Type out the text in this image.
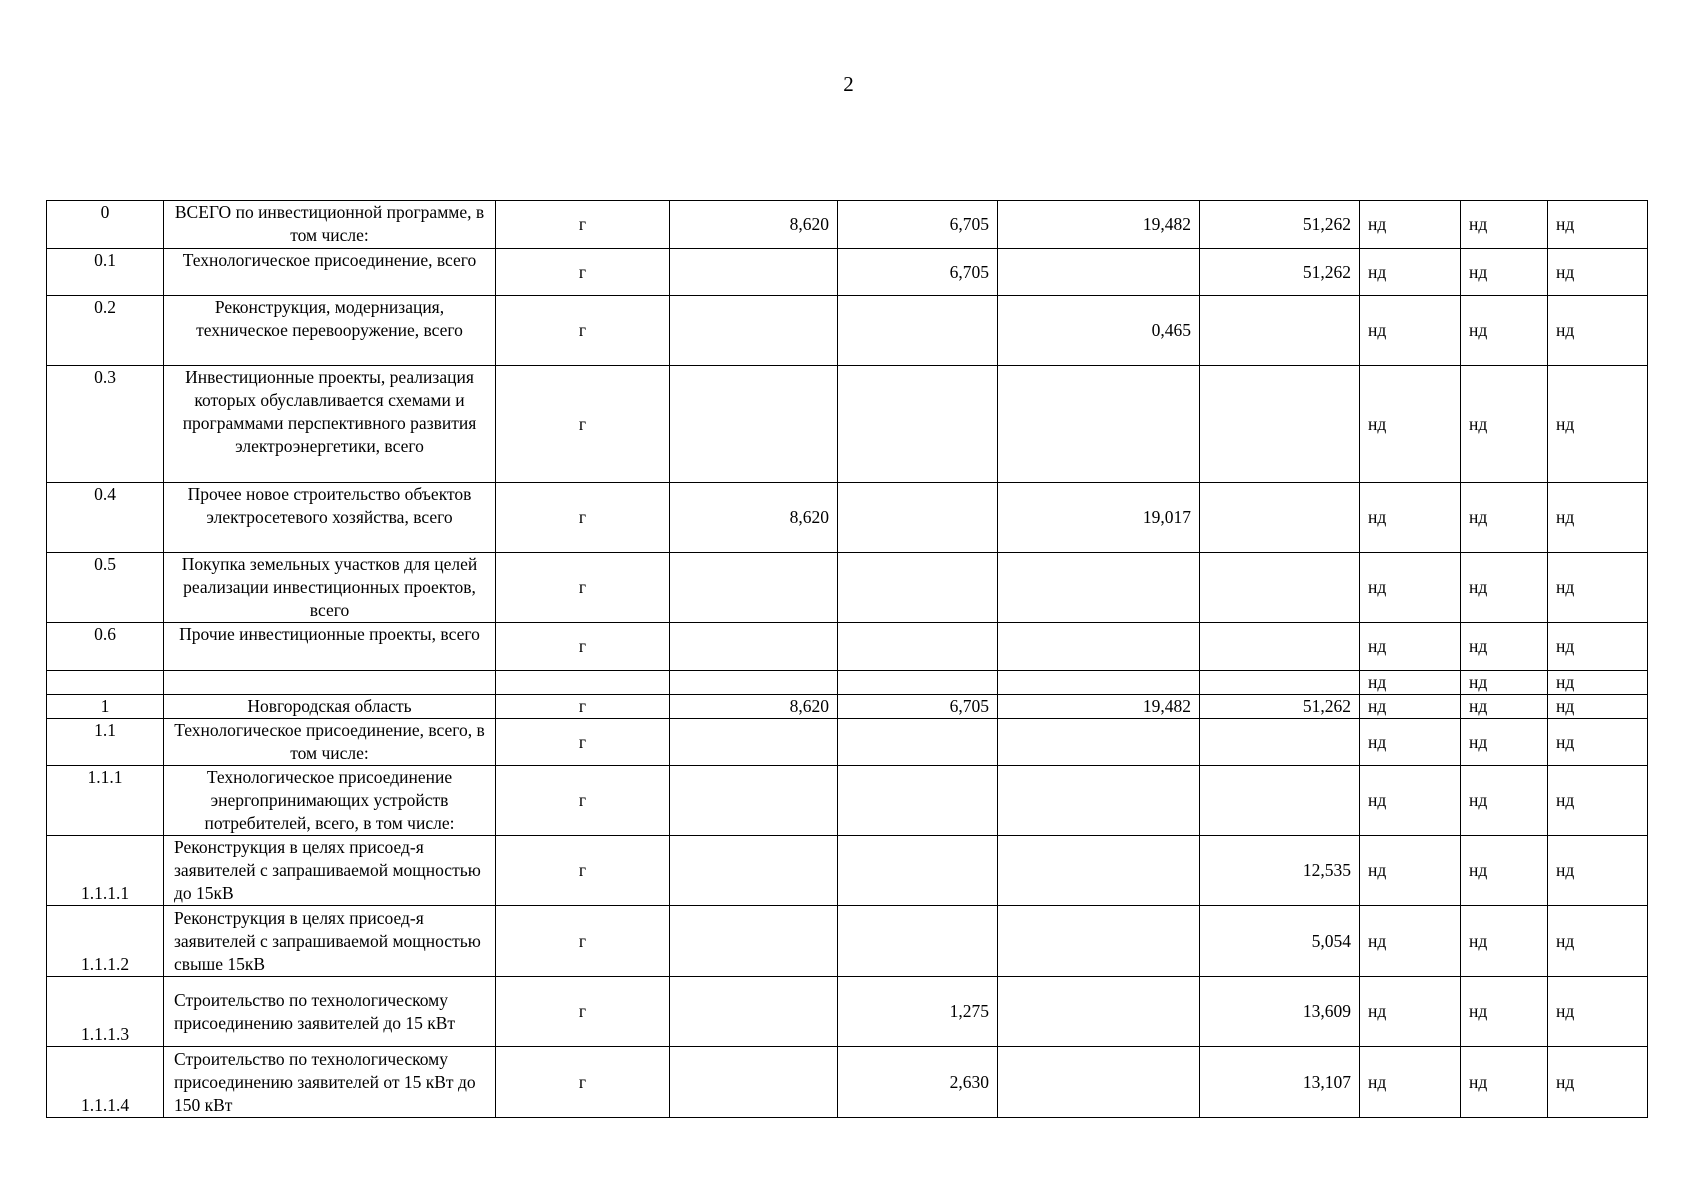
2
0	ВСЕГО по инвестиционной программе, в том числе:	г	8,620	6,705	19,482	51,262	нд	нд	нд
0.1	Технологическое присоединение, всего	г		6,705		51,262	нд	нд	нд
0.2	Реконструкция, модернизация, техническое перевооружение, всего	г			0,465		нд	нд	нд
0.3	Инвестиционные проекты, реализация которых обуславливается схемами и программами перспективного развития электроэнергетики, всего	г					нд	нд	нд
0.4	Прочее новое строительство объектов электросетевого хозяйства, всего	г	8,620		19,017		нд	нд	нд
0.5	Покупка земельных участков для целей реализации инвестиционных проектов, всего	г					нд	нд	нд
0.6	Прочие инвестиционные проекты, всего	г					нд	нд	нд
							нд	нд	нд
1	Новгородская область	г	8,620	6,705	19,482	51,262	нд	нд	нд
1.1	Технологическое присоединение, всего, в том числе:	г					нд	нд	нд
1.1.1	Технологическое присоединение энергопринимающих устройств потребителей, всего, в том числе:	г					нд	нд	нд
1.1.1.1	Реконструкция в целях присоед-я заявителей с запрашиваемой мощностью до 15кВ	г				12,535	нд	нд	нд
1.1.1.2	Реконструкция в целях присоед-я заявителей с запрашиваемой мощностью свыше 15кВ	г				5,054	нд	нд	нд
1.1.1.3	Строительство по технологическому присоединению заявителей до 15 кВт	г		1,275		13,609	нд	нд	нд
1.1.1.4	Строительство по технологическому присоединению заявителей от 15 кВт до 150 кВт	г		2,630		13,107	нд	нд	нд
